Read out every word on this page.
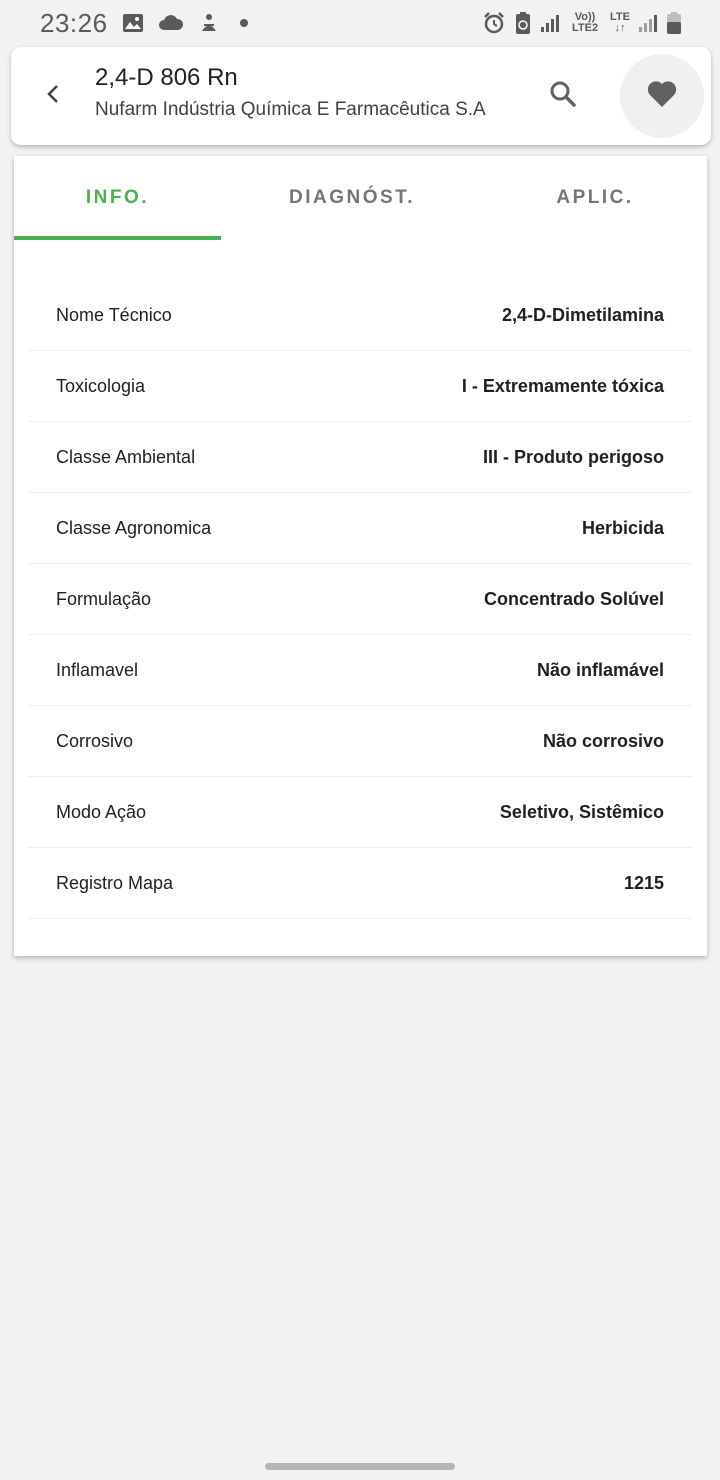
23:26	Vo)) LTE2
LTE
↓↑
2,4-D 806 Rn
Nufarm Indústria Química E Farmacêutica S.A
INFO.	DIAGNÓST.	APLIC.
Nome Técnico	2,4-D-Dimetilamina
Toxicologia	I - Extremamente tóxica
Classe Ambiental	III - Produto perigoso
Classe Agronomica	Herbicida
Formulação	Concentrado Solúvel
Inflamavel	Não inflamável
Corrosivo	Não corrosivo
Modo Ação	Seletivo, Sistêmico
Registro Mapa	1215
